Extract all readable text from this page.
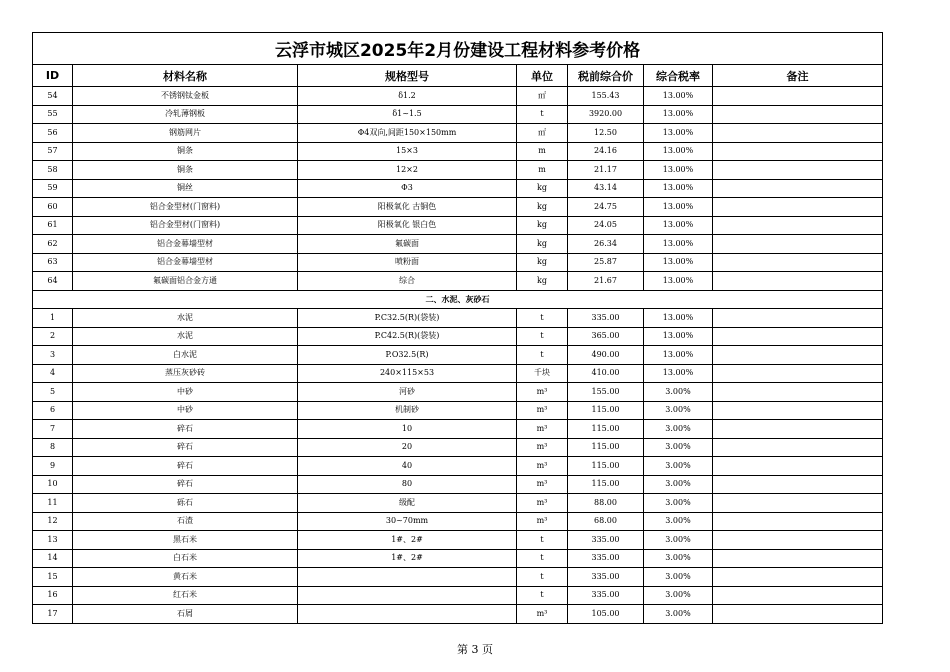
云浮市城区2025年2月份建设工程材料参考价格						
ID	材料名称	规格型号	单位	税前综合价	综合税率	备注
54	不锈钢钛金板	δ1.2	㎡	155.43	13.00%	
55	冷轧薄钢板	δ1~1.5	t	3920.00	13.00%	
56	钢筋网片	Φ4双向,间距150×150mm	㎡	12.50	13.00%	
57	铜条	15×3	m	24.16	13.00%	
58	铜条	12×2	m	21.17	13.00%	
59	铜丝	Φ3	kg	43.14	13.00%	
60	铝合金型材(门窗料)	阳极氧化 古铜色	kg	24.75	13.00%	
61	铝合金型材(门窗料)	阳极氧化 银白色	kg	24.05	13.00%	
62	铝合金幕墙型材	氟碳面	kg	26.34	13.00%	
63	铝合金幕墙型材	喷粉面	kg	25.87	13.00%	
64	氟碳面铝合金方通	综合	kg	21.67	13.00%	
二、水泥、灰砂石						
1	水泥	P.C32.5(R)(袋装)	t	335.00	13.00%	
2	水泥	P.C42.5(R)(袋装)	t	365.00	13.00%	
3	白水泥	P.O32.5(R)	t	490.00	13.00%	
4	蒸压灰砂砖	240×115×53	千块	410.00	13.00%	
5	中砂	河砂	m³	155.00	3.00%	
6	中砂	机制砂	m³	115.00	3.00%	
7	碎石	10	m³	115.00	3.00%	
8	碎石	20	m³	115.00	3.00%	
9	碎石	40	m³	115.00	3.00%	
10	碎石	80	m³	115.00	3.00%	
11	砾石	级配	m³	88.00	3.00%	
12	石渣	30~70mm	m³	68.00	3.00%	
13	黑石米	1#、2#	t	335.00	3.00%	
14	白石米	1#、2#	t	335.00	3.00%	
15	黄石米		t	335.00	3.00%	
16	红石米		t	335.00	3.00%	
17	石屑		m³	105.00	3.00%	
第 3 页
